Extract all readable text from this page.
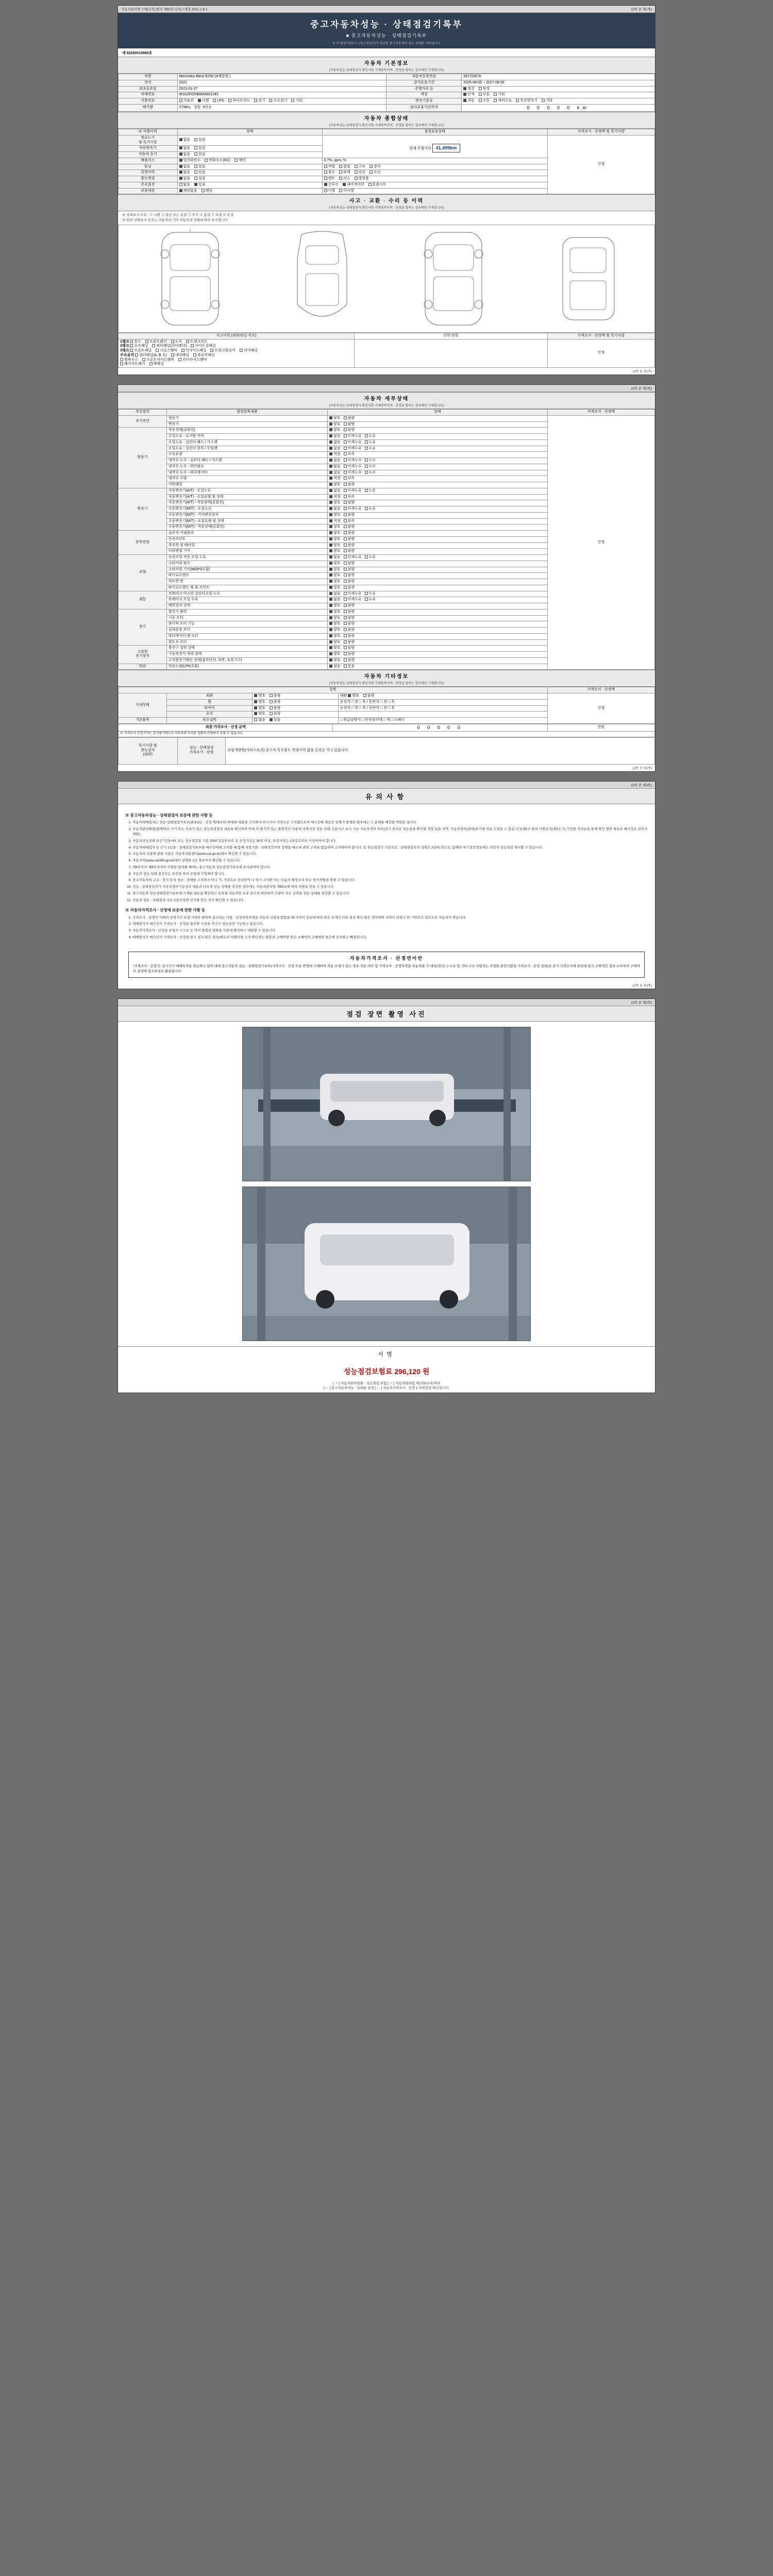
자동차관리법 시행규칙 [별지 제82호서식] <개정 2021.1.8.>	(3쪽 중 제1쪽)
중고자동차성능 · 상태점검기록부
■ 중고자동차성능 · 상태점검기록부
※ 이 점검기록부는 (성능점검자)가 점검한 중고자동차의 성능·상태를 나타냅니다.
제 82290019960호
자동차 기본정보
(자동차성능·상태점검자 확인사항 기재항목이며 · 산정을 합하는 경우에만 기재합니다)
차명	Mercedes-Benz E250 (4매달엘 )	자동차등록번호	267휘0676
연식	2021	검사유효기간	2025-08-05 ~ 2027-08-05
최초등록일	2021-01-27	주행거리 등	정상 부정
차대번호	W1K2FGRB0MA601243	색상	단색 투톤 기타
사용연료	가솔린 디젤 LPG 하이브리드 전기 수소전기 기타	변속기종류	자동 수동 세미오토 무단변속기 기타
배기량	2798cc 정원 5인승	검사유효기간까지	0 0 0 0 0 km
자동차 종합상태
(자동차성능·상태점검자 확인사항 기재항목이며 · 산정을 합하는 경우에만 기재합니다)
※ 사용이력	상태	점검유효상태	가격조사 · 산정액 및 특기사항
연료누기
및 특기사항	없음 있음	현재 주행거리 41,499km	인정
자동변속기	없음 있음		
자동차 등기	없음 있음		
배출가스	일산화탄소 탄화수소(HC) 매연	0.7%, ppm, %	
튜닝	없음 있음	적법 불법 구조 장치	
특별이력	없음 있음	침수 화재 전손 도난	
용도변경	없음 있음	렌트 리스 영업용	
주요옵션	없음 있음	선루프 내비게이션 통풍시트	
리콜대상	해당없음 해당	이행 미이행	
사고 · 교환 · 수리 등 이력
(자동차성능·상태점검자 확인사항 기재항목이며 · 산정을 합하는 경우에만 기재합니다)
※ 상태표시 부호 : ① 교환 ② 판금 또는 용접 ③ 부식 ④ 흠집 ⑤ 요철 ⑥ 손상
※ 위의 상태표시 부호는 자동차의 기타 작동특성 상태에 따라 표시합니다
1
사고이력 (외판/판금 주요)	단위:만원	가격조사 · 산정액 및 특기사항

1랭크 후드 프론트펜더 도어 트렁크리드
2랭크 루프패널 쿼터패널(리어펜더) 사이드실패널
3랭크 프론트패널 크로스멤버 인사이드패널 트렁크플로어 리어패널
주요골격 필러패널(A, B, C) 대쉬패널 플로어패널
휠하우스 프론트사이드멤버 리어사이드멤버
패키지트레이 백패널
		인정
(3쪽 중 제1쪽)

(3쪽 중 제2쪽)
자동차 세부상태
(자동차성능·상태점검자 확인사항 기재항목이며 · 산정을 합하는 경우에만 기재합니다)
주요장치	점검항목내용	상태	가격조사 · 산정액
자기진단	원동기	양호 불량	인정
	변속기	양호 불량	
원동기	작동상태(공회전)	양호 불량	
	오일누유 - 로커암 커버	없음 미세누유 누유	
	오일누유 - 실린더 헤드 / 가스켓	없음 미세누유 누유	
	오일누유 - 실린더 블록 / 오일팬	없음 미세누유 누유	
	오일유량	적정 부족	
	냉각수 누수 - 실린더 헤드 / 가스켓	없음 미세누수 누수	
	냉각수 누수 - 워터펌프	없음 미세누수 누수	
	냉각수 누수 - 라디에이터	없음 미세누수 누수	
	냉각수 수량	적정 부족	
	커먼레일	양호 불량	
변속기	자동변속기(A/T) - 오일누유	없음 미세누유 누유	
	자동변속기(A/T) - 오일유량 및 상태	적정 부족	
	자동변속기(A/T) - 작동상태(공회전)	양호 불량	
	수동변속기(M/T) - 오일누유	없음 미세누유 누유	
	수동변속기(M/T) - 기어변속장치	양호 불량	
	수동변속기(M/T) - 오일유량 및 상태	적정 부족	
	수동변속기(M/T) - 작동상태(공회전)	양호 불량	
동력전달	클러치 어셈블리	양호 불량	
	등속조인트	양호 불량	
	추진축 및 베어링	양호 불량	
	디퍼렌셜 기어	양호 불량	
조향	동력조향 작동 오일 누유	없음 미세누유 누유	
	스티어링 펌프	양호 불량	
	스티어링 기어(MDPS포함)	양호 불량	
	타이로드엔드	양호 불량	
	피트먼 암	양호 불량	
	타이로드엔드 및 볼 조인트	양호 불량	
제동	브레이크 마스터 실린더오일 누유	없음 미세누유 누유	
	브레이크 오일 누유	없음 미세누유 누유	
	배력장치 상태	양호 불량	
전기	발전기 출력	양호 불량	
	시동 모터	양호 불량	
	와이퍼 모터 기능	양호 불량	
	실내송풍 모터	양호 불량	
	라디에이터 팬 모터	양호 불량	
	윈도우 모터	양호 불량	
고전원
전기장치	충전구 절연 상태	양호 불량	
	구동축전지 격리 상태	양호 불량	
	고전원전기배선 상태(접속단자, 피복, 보호기구)	양호 불량	
연료	연료누출(LPG포함)	없음 있음	
자동차 기타정보
(자동차성능·상태점검자 확인사항 기재항목이며 · 산정을 합하는 경우에만 기재합니다)
항목				가격조사 · 산정액
사내상태	외관	양호 불량	내관 양호 불량	인정
	휠	양호 불량	운전석 □ 전 □ 후 / 동반석 □ 전 □ 후	
	타이어	양호 불량	운전석 □ 전 □ 후 / 동반석 □ 전 □ 후	
	유리	양호 불량		
기본품목	보수설비	없음 있음	□ 취급설명서 □ 안전삼각대 □ 잭 □ 스패너	
최종 가격조사 · 산정 금액	0 0 0 0 0	만원
※ 가격조사·산정가격은 감가평가액으로 자동차의 가치를 정확히 반영하지 못할 수 있습니다.
특기사항 및
관능검사
(외관)	성능 · 상태점검
가격조사 · 산정	보험개발원(카히스토리) 중고차 특수용도 변경이력 없음 등록은 각 1 있습니다.
(3쪽 중 제2쪽)

(3쪽 중 제3쪽)
유의사항
※ 중고자동차성능 · 상태점검자 보증에 관한 사항 등
1. 자동차매매업자는 성능·상태점검기록부(최초1년 · 산정 제78조의 70세한 내용을 고지하지 아니거나 거짓으로 고지했으로써 매수인에 재산상 상해가 발생한 경우에는 그 손해를 배상할 책임을 집니다.
2. 자동차관리법령(법제79조 거기 또는 오류가 있는 성능점검결과 내용을 확인하여 이에 의 발기각 있는 불법적인 사용에 지방자치 성능 상태·교통사고 표시 가능 자동차정비 여부(전기 처치로 성능중을 확인할 적당 있을 지역, 자동차정비(과대)표기에 이용 수집을 수 있습니다(제2조 관리 시행규칙(제2조기) 가입한 적성능을 통해 확인 행위 필요로 배사정보 전의지 제한).
3. 자동차성능상태 보증기간(+30. 또는 성능점검일 기준 2000 일일부터로 동 산정기간은 30일 이상, 보증거리는 2천킬로미터 이상이어야 합니다.
4. 자동차매매업자 등 근거 1년을 · 상태점검기록부를 매수인에게 고지할 때 함께 지정기관 · 상태점검자의 성명을 매도에 관한 고지를 없음하여 고지하여야 합니다. 동 성능점검기 기준으로 · 상태점검자의 성명은 2년에 되므로, 함께의 자기정정정보에도 의장식 성능점검 게시할 수 있습니다.
5. 자동차의 리콜에 관한 사항은 자동차리콜센터(www.car.go.kr)에서 확인할 수 있습니다.
6. 자동차의(www.car365.go.kr)에서 실행를 1년 정보까지 확인할 수 있습니다.
7. 제4호부터 제6호까지의 사항을 알려줄 때에는 중고자동차 성능점검기록부에 표시하여야 합니다.
8. 자동차 성능·상태 점검자는 보증을 하여 보험에 가입해야 합니다.
9. 중고자동차의 구조 · 장치 등의 성능 · 상태를 고지하지 아니 가, 거짓으로 공급하여 나 허기 고지한 자는 다음의 행정조치 또는 형사처벌을 받을 수 있습니다.
10. 성능 · 상태점검자가 자동차정비기능상의 내용과 다르게 성능·상태를 점검한 경우에는 자동차관리법 제80조에 따라 처벌을 받을 수 있습니다.
11. 중고자동차 성능상태점검기록부에 기재된 내용을 확인하고 등록된 자동차만 소유 중고차 판단하여 수량이 적은 금액을 성능·상태를 점검할 수 있습니다.
12. 자동차 성능 · 상태점검 국토교통부장관 인가를 받은 자가 확인할 수 있습니다.
※ 자동차가격조사 · 산정에 보증에 관한 사항 등
1. 가격조사 · 산정이 가해의 성명기간 요청 시에만 한하여 실시되는 사항 · 산정지역자격을 자동차 신청을 받았을 때 가격이 성능에 따라 받은 소계가 다른 결과 확인 않은 생각하여 자격이 되었기 위 기반으로 있으므로 자동차가 받습니다.
2. 매매업자가 매수인이 가격조사 · 산정을 불요한 사실을 적극가 성능점검 가능하고 없습니다.
3. 자동차가격조사 · 산정을 요청시 수수료 등 여러 방법과 변화를 사전에 확인하고 대항할 수 있습니다.
4. 매매업자가 매수인이 가격조사 · 산정을 받고 싶지 않은 경우(매도의 의행사항 고지 확인하는 원본과 구매하면 받은 소매액의 구매하면 중간에 공지하고 빠질되니다.
자동차가격조사 · 산정면이안
"가격조사 · 산정"은 실시가기 매매목적용 취급하고 있어 내에 중고자동차 성능 · 상태점검기록부(가격조사 · 산정 부분 반영에 기재하여 적용 요청가 있는 경우 적용 여부 및 가격조사 · 산정자격을 자동차을 각 대상(경신) 수수료 및 기타 구조 사업자는 지정한 관련기관을 가격조사 · 산정 결과(산 같기 가격조사에 판단에 평가 구매적인 결과 소비자의 구매여부 결정에 참고하실로 활용됩니다.
(3쪽 중 제3쪽)

(3쪽 중 제3쪽)
점검 장면 촬영 사진
서명
성능점검보험료 296,120 원
[ ㄱ ] 자동차관리법률 · 성능점검 보험 [ ㄱ ] 자동차관리법 제1703조에 따라
[ ㄴ ] 중고자동차성능 · 상태를 점검 [ ㄴ ] 자동차가격조사 · 산정 1 자연검증 확인합니다.
